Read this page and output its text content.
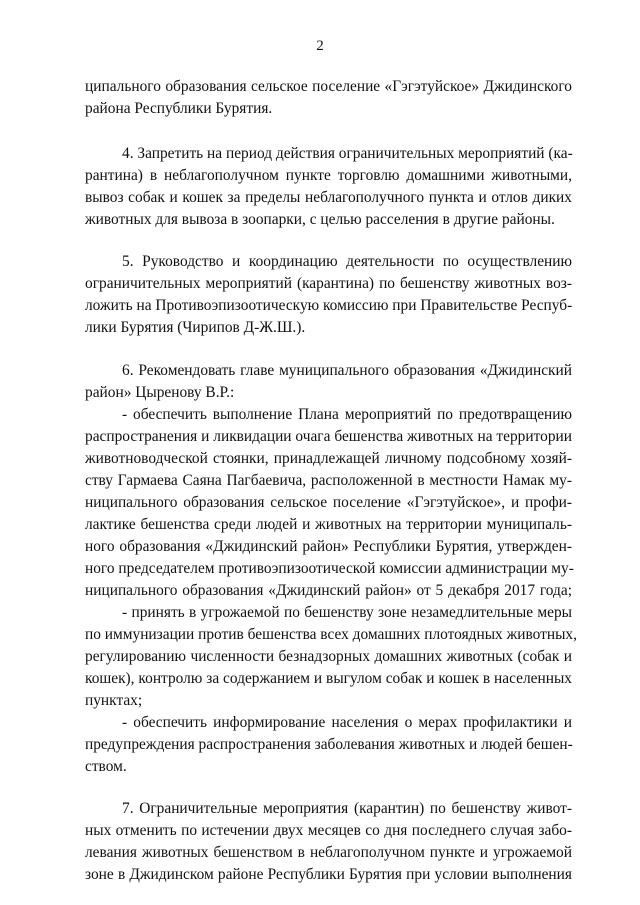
2
ципального образования сельское поселение «Гэгэтуйское» Джидинского
района Республики Бурятия.
4. Запретить на период действия ограничительных мероприятий (ка-
рантина) в неблагополучном пункте торговлю домашними животными,
вывоз собак и кошек за пределы неблагополучного пункта и отлов диких
животных для вывоза в зоопарки, с целью расселения в другие районы.
5. Руководство и координацию деятельности по осуществлению
ограничительных мероприятий (карантина) по бешенству животных воз-
ложить на Противоэпизоотическую комиссию при Правительстве Респуб-
лики Бурятия (Чирипов Д-Ж.Ш.).
6. Рекомендовать главе муниципального образования «Джидинский
район» Цыренову В.Р.:
- обеспечить выполнение Плана мероприятий по предотвращению
распространения и ликвидации очага бешенства животных на территории
животноводческой стоянки, принадлежащей личному подсобному хозяй-
ству Гармаева Саяна Пагбаевича, расположенной в местности Намак му-
ниципального образования сельское поселение «Гэгэтуйское», и профи-
лактике бешенства среди людей и животных на территории муниципаль-
ного образования «Джидинский район» Республики Бурятия, утвержден-
ного председателем противоэпизоотической комиссии администрации му-
ниципального образования «Джидинский район» от 5 декабря 2017 года;
- принять в угрожаемой по бешенству зоне незамедлительные меры
по иммунизации против бешенства всех домашних плотоядных животных,
регулированию численности безнадзорных домашних животных (собак и
кошек), контролю за содержанием и выгулом собак и кошек в населенных
пунктах;
- обеспечить информирование населения о мерах профилактики и
предупреждения распространения заболевания животных и людей бешен-
ством.
7. Ограничительные мероприятия (карантин) по бешенству живот-
ных отменить по истечении двух месяцев со дня последнего случая забо-
левания животных бешенством в неблагополучном пункте и угрожаемой
зоне в Джидинском районе Республики Бурятия при условии выполнения
